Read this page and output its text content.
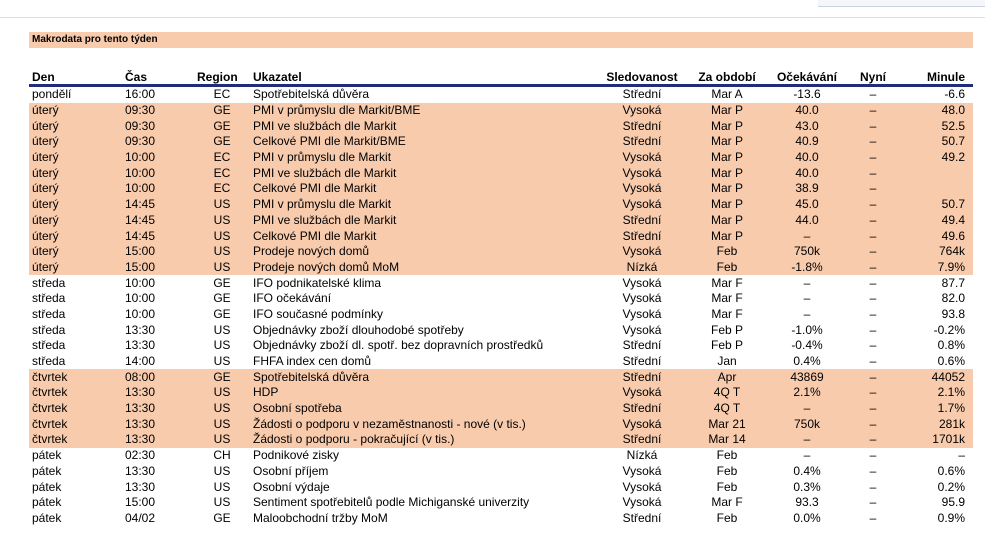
Makrodata pro tento týden
Den	Čas	Region	Ukazatel	Sledovanost	Za období	Očekávání	Nyní	Minule
pondělí	16:00	EC	Spotřebitelská důvěra	Střední	Mar A	-13.6	–	-6.6
úterý	09:30	GE	PMI v průmyslu dle Markit/BME	Vysoká	Mar P	40.0	–	48.0
úterý	09:30	GE	PMI ve službách dle Markit	Střední	Mar P	43.0	–	52.5
úterý	09:30	GE	Celkové PMI dle Markit/BME	Střední	Mar P	40.9	–	50.7
úterý	10:00	EC	PMI v průmyslu dle Markit	Vysoká	Mar P	40.0	–	49.2
úterý	10:00	EC	PMI ve službách dle Markit	Vysoká	Mar P	40.0	–	
úterý	10:00	EC	Celkové PMI dle Markit	Vysoká	Mar P	38.9	–	
úterý	14:45	US	PMI v průmyslu dle Markit	Vysoká	Mar P	45.0	–	50.7
úterý	14:45	US	PMI ve službách dle Markit	Střední	Mar P	44.0	–	49.4
úterý	14:45	US	Celkové PMI dle Markit	Střední	Mar P	–	–	49.6
úterý	15:00	US	Prodeje nových domů	Vysoká	Feb	750k	–	764k
úterý	15:00	US	Prodeje nových domů MoM	Nízká	Feb	-1.8%	–	7.9%
středa	10:00	GE	IFO podnikatelské klima	Vysoká	Mar F	–	–	87.7
středa	10:00	GE	IFO očekávání	Vysoká	Mar F	–	–	82.0
středa	10:00	GE	IFO současné podmínky	Vysoká	Mar F	–	–	93.8
středa	13:30	US	Objednávky zboží dlouhodobé spotřeby	Vysoká	Feb P	-1.0%	–	-0.2%
středa	13:30	US	Objednávky zboží dl. spotř. bez dopravních prostředků	Střední	Feb P	-0.4%	–	0.8%
středa	14:00	US	FHFA index cen domů	Střední	Jan	0.4%	–	0.6%
čtvrtek	08:00	GE	Spotřebitelská důvěra	Střední	Apr	43869	–	44052
čtvrtek	13:30	US	HDP	Vysoká	4Q T	2.1%	–	2.1%
čtvrtek	13:30	US	Osobní spotřeba	Střední	4Q T	–	–	1.7%
čtvrtek	13:30	US	Žádosti o podporu v nezaměstnanosti - nové (v tis.)	Vysoká	Mar 21	750k	–	281k
čtvrtek	13:30	US	Žádosti o podporu - pokračující (v tis.)	Střední	Mar 14	–	–	1701k
pátek	02:30	CH	Podnikové zisky	Nízká	Feb	–	–	–
pátek	13:30	US	Osobní příjem	Vysoká	Feb	0.4%	–	0.6%
pátek	13:30	US	Osobní výdaje	Vysoká	Feb	0.3%	–	0.2%
pátek	15:00	US	Sentiment spotřebitelů podle Michiganské univerzity	Vysoká	Mar F	93.3	–	95.9
pátek	04/02	GE	Maloobchodní tržby MoM	Střední	Feb	0.0%	–	0.9%
